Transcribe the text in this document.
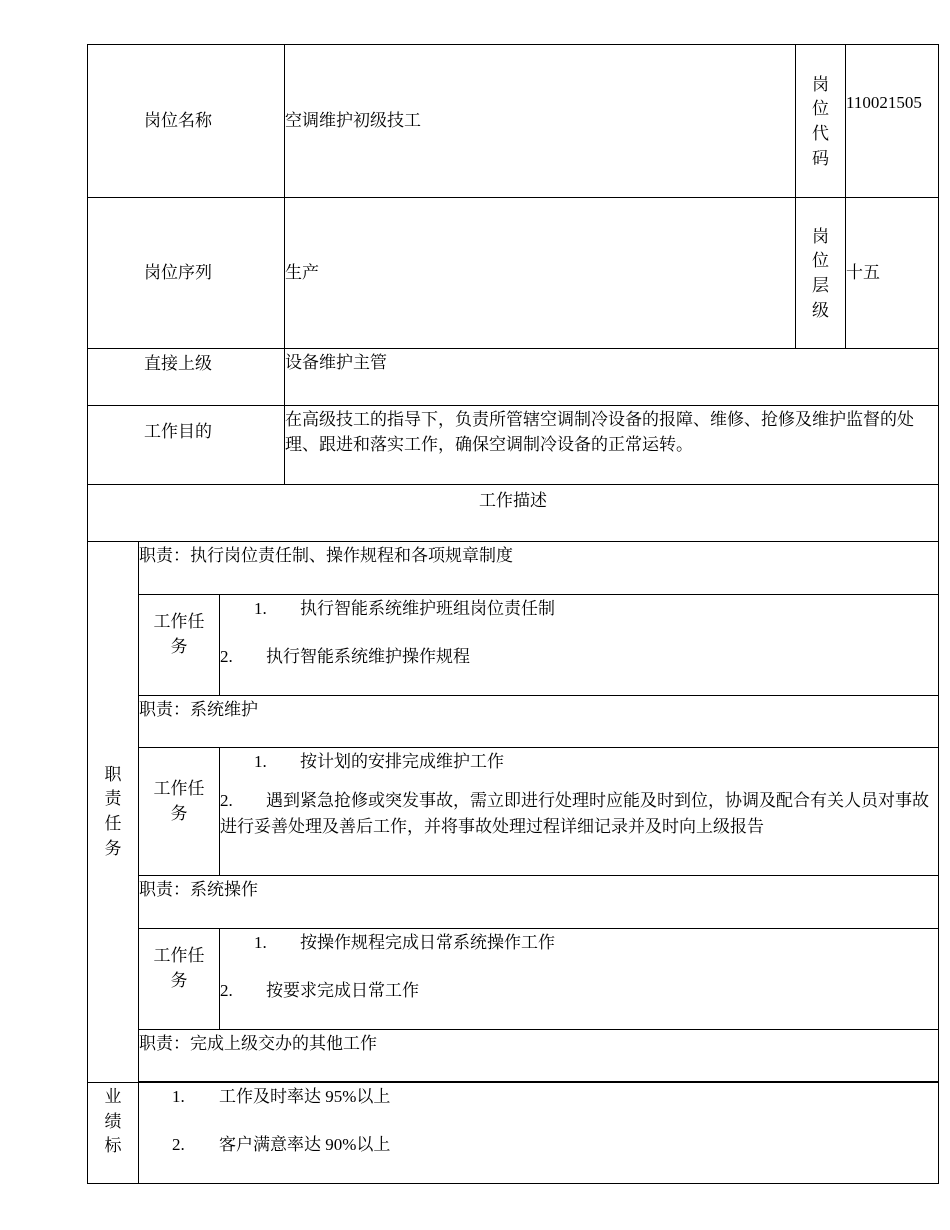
岗位名称			空调维护初级技工	岗位代码	110021505
岗位序列			生产	岗位层级	十五
直接上级			设备维护主管		
工作目的			在高级技工的指导下，负责所管辖空调制冷设备的报障、维修、抢修及维护监督的处理、跟进和落实工作，确保空调制冷设备的正常运转。		
工作描述					
职责任务	职责：执行岗位责任制、操作规程和各项规章制度				
	工作任务	1. 执行智能系统维护班组岗位责任制
2. 执行智能系统维护操作规程			

	职责：系统维护				
	工作任务	1. 按计划的安排完成维护工作
2. 遇到紧急抢修或突发事故，需立即进行处理时应能及时到位，协调及配合有关人员对事故进行妥善处理及善后工作，并将事故处理过程详细记录并及时向上级报告			

	职责：系统操作				
	工作任务	1. 按操作规程完成日常系统操作工作
2. 按要求完成日常工作			

	职责：完成上级交办的其他工作				

业绩标	1. 工作及时率达 95%以上
2. 客户满意率达 90%以上				
